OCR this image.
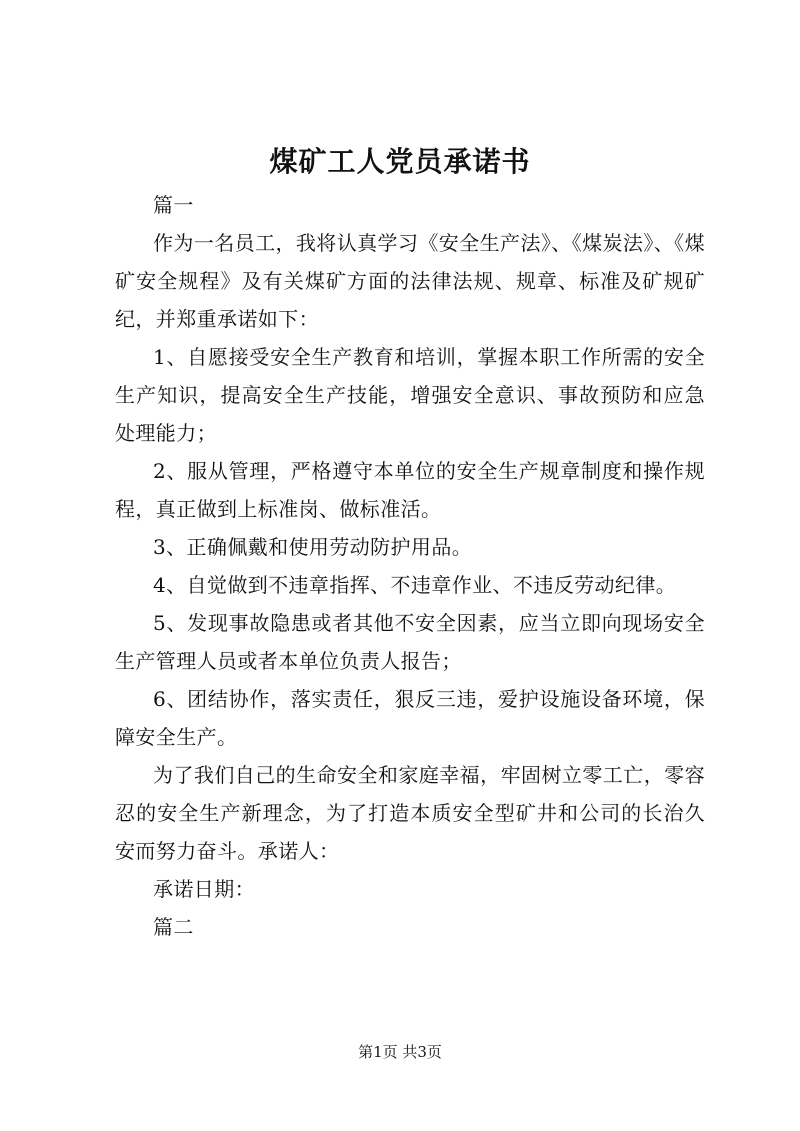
煤矿工人党员承诺书

篇一

作为一名员工，我将认真学习《安全生产法》、《煤炭法》、《煤矿安全规程》及有关煤矿方面的法律法规、规章、标准及矿规矿纪，并郑重承诺如下：

1、自愿接受安全生产教育和培训，掌握本职工作所需的安全生产知识，提高安全生产技能，增强安全意识、事故预防和应急处理能力；

2、服从管理，严格遵守本单位的安全生产规章制度和操作规程，真正做到上标准岗、做标准活。

3、正确佩戴和使用劳动防护用品。

4、自觉做到不违章指挥、不违章作业、不违反劳动纪律。

5、发现事故隐患或者其他不安全因素，应当立即向现场安全生产管理人员或者本单位负责人报告；

6、团结协作，落实责任，狠反三违，爱护设施设备环境，保障安全生产。

为了我们自己的生命安全和家庭幸福，牢固树立零工亡，零容忍的安全生产新理念，为了打造本质安全型矿井和公司的长治久安而努力奋斗。承诺人：

承诺日期：

篇二

第1页 共3页
